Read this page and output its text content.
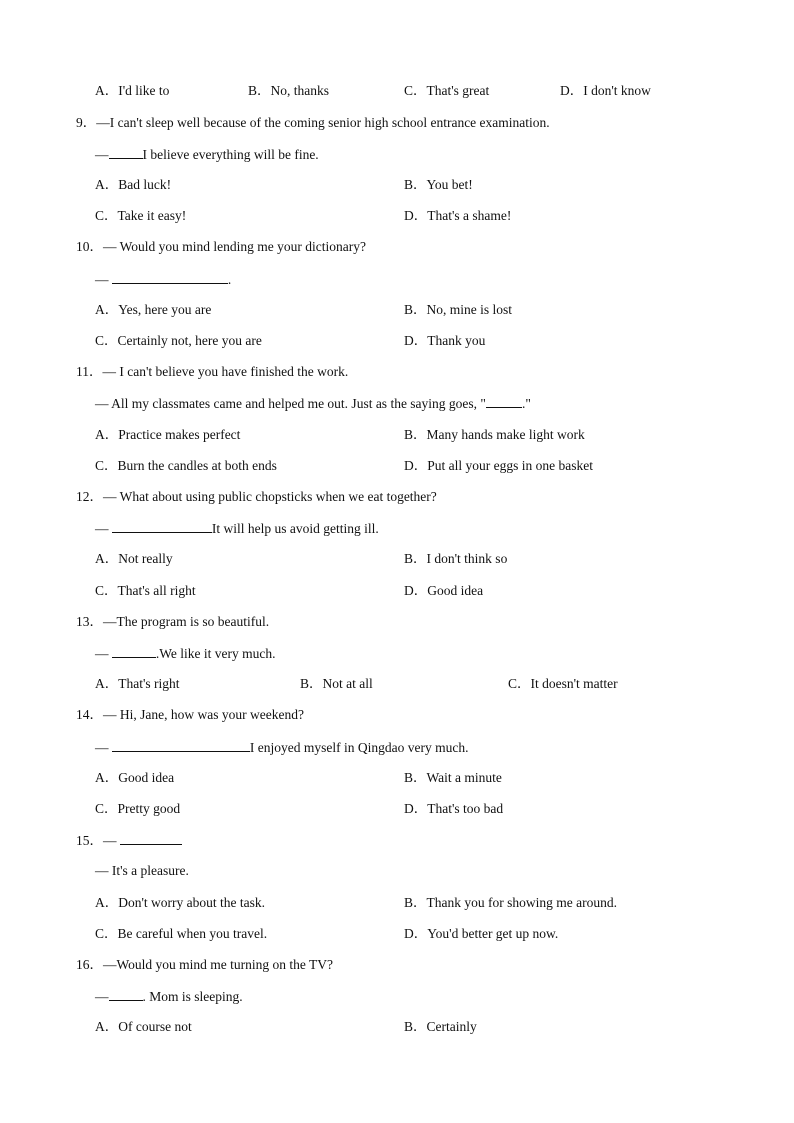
A．I'd like to	B．No, thanks	C．That's great	D．I don't know
9．—I can't sleep well because of the coming senior high school entrance examination.
—	I believe everything will be fine.
A．Bad luck!	B．You bet!
C．Take it easy!	D．That's a shame!
10．— Would you mind lending me your dictionary?
—	.
A．Yes, here you are	B．No, mine is lost
C．Certainly not, here you are	D．Thank you
11．— I can't believe you have finished the work.
— All my classmates came and helped me out. Just as the saying goes, "	."
A．Practice makes perfect	B．Many hands make light work
C．Burn the candles at both ends	D．Put all your eggs in one basket
12．— What about using public chopsticks when we eat together?
—	It will help us avoid getting ill.
A．Not really	B．I don't think so
C．That's all right	D．Good idea
13．—The program is so beautiful.
—	.We like it very much.
A．That's right	B．Not at all	C．It doesn't matter
14．— Hi, Jane, how was your weekend?
—	I enjoyed myself in Qingdao very much.
A．Good idea	B．Wait a minute
C．Pretty good	D．That's too bad
15．—
— It's a pleasure.
A．Don't worry about the task.	B．Thank you for showing me around.
C．Be careful when you travel.	D．You'd better get up now.
16．—Would you mind me turning on the TV?
—	. Mom is sleeping.
A．Of course not	B．Certainly
